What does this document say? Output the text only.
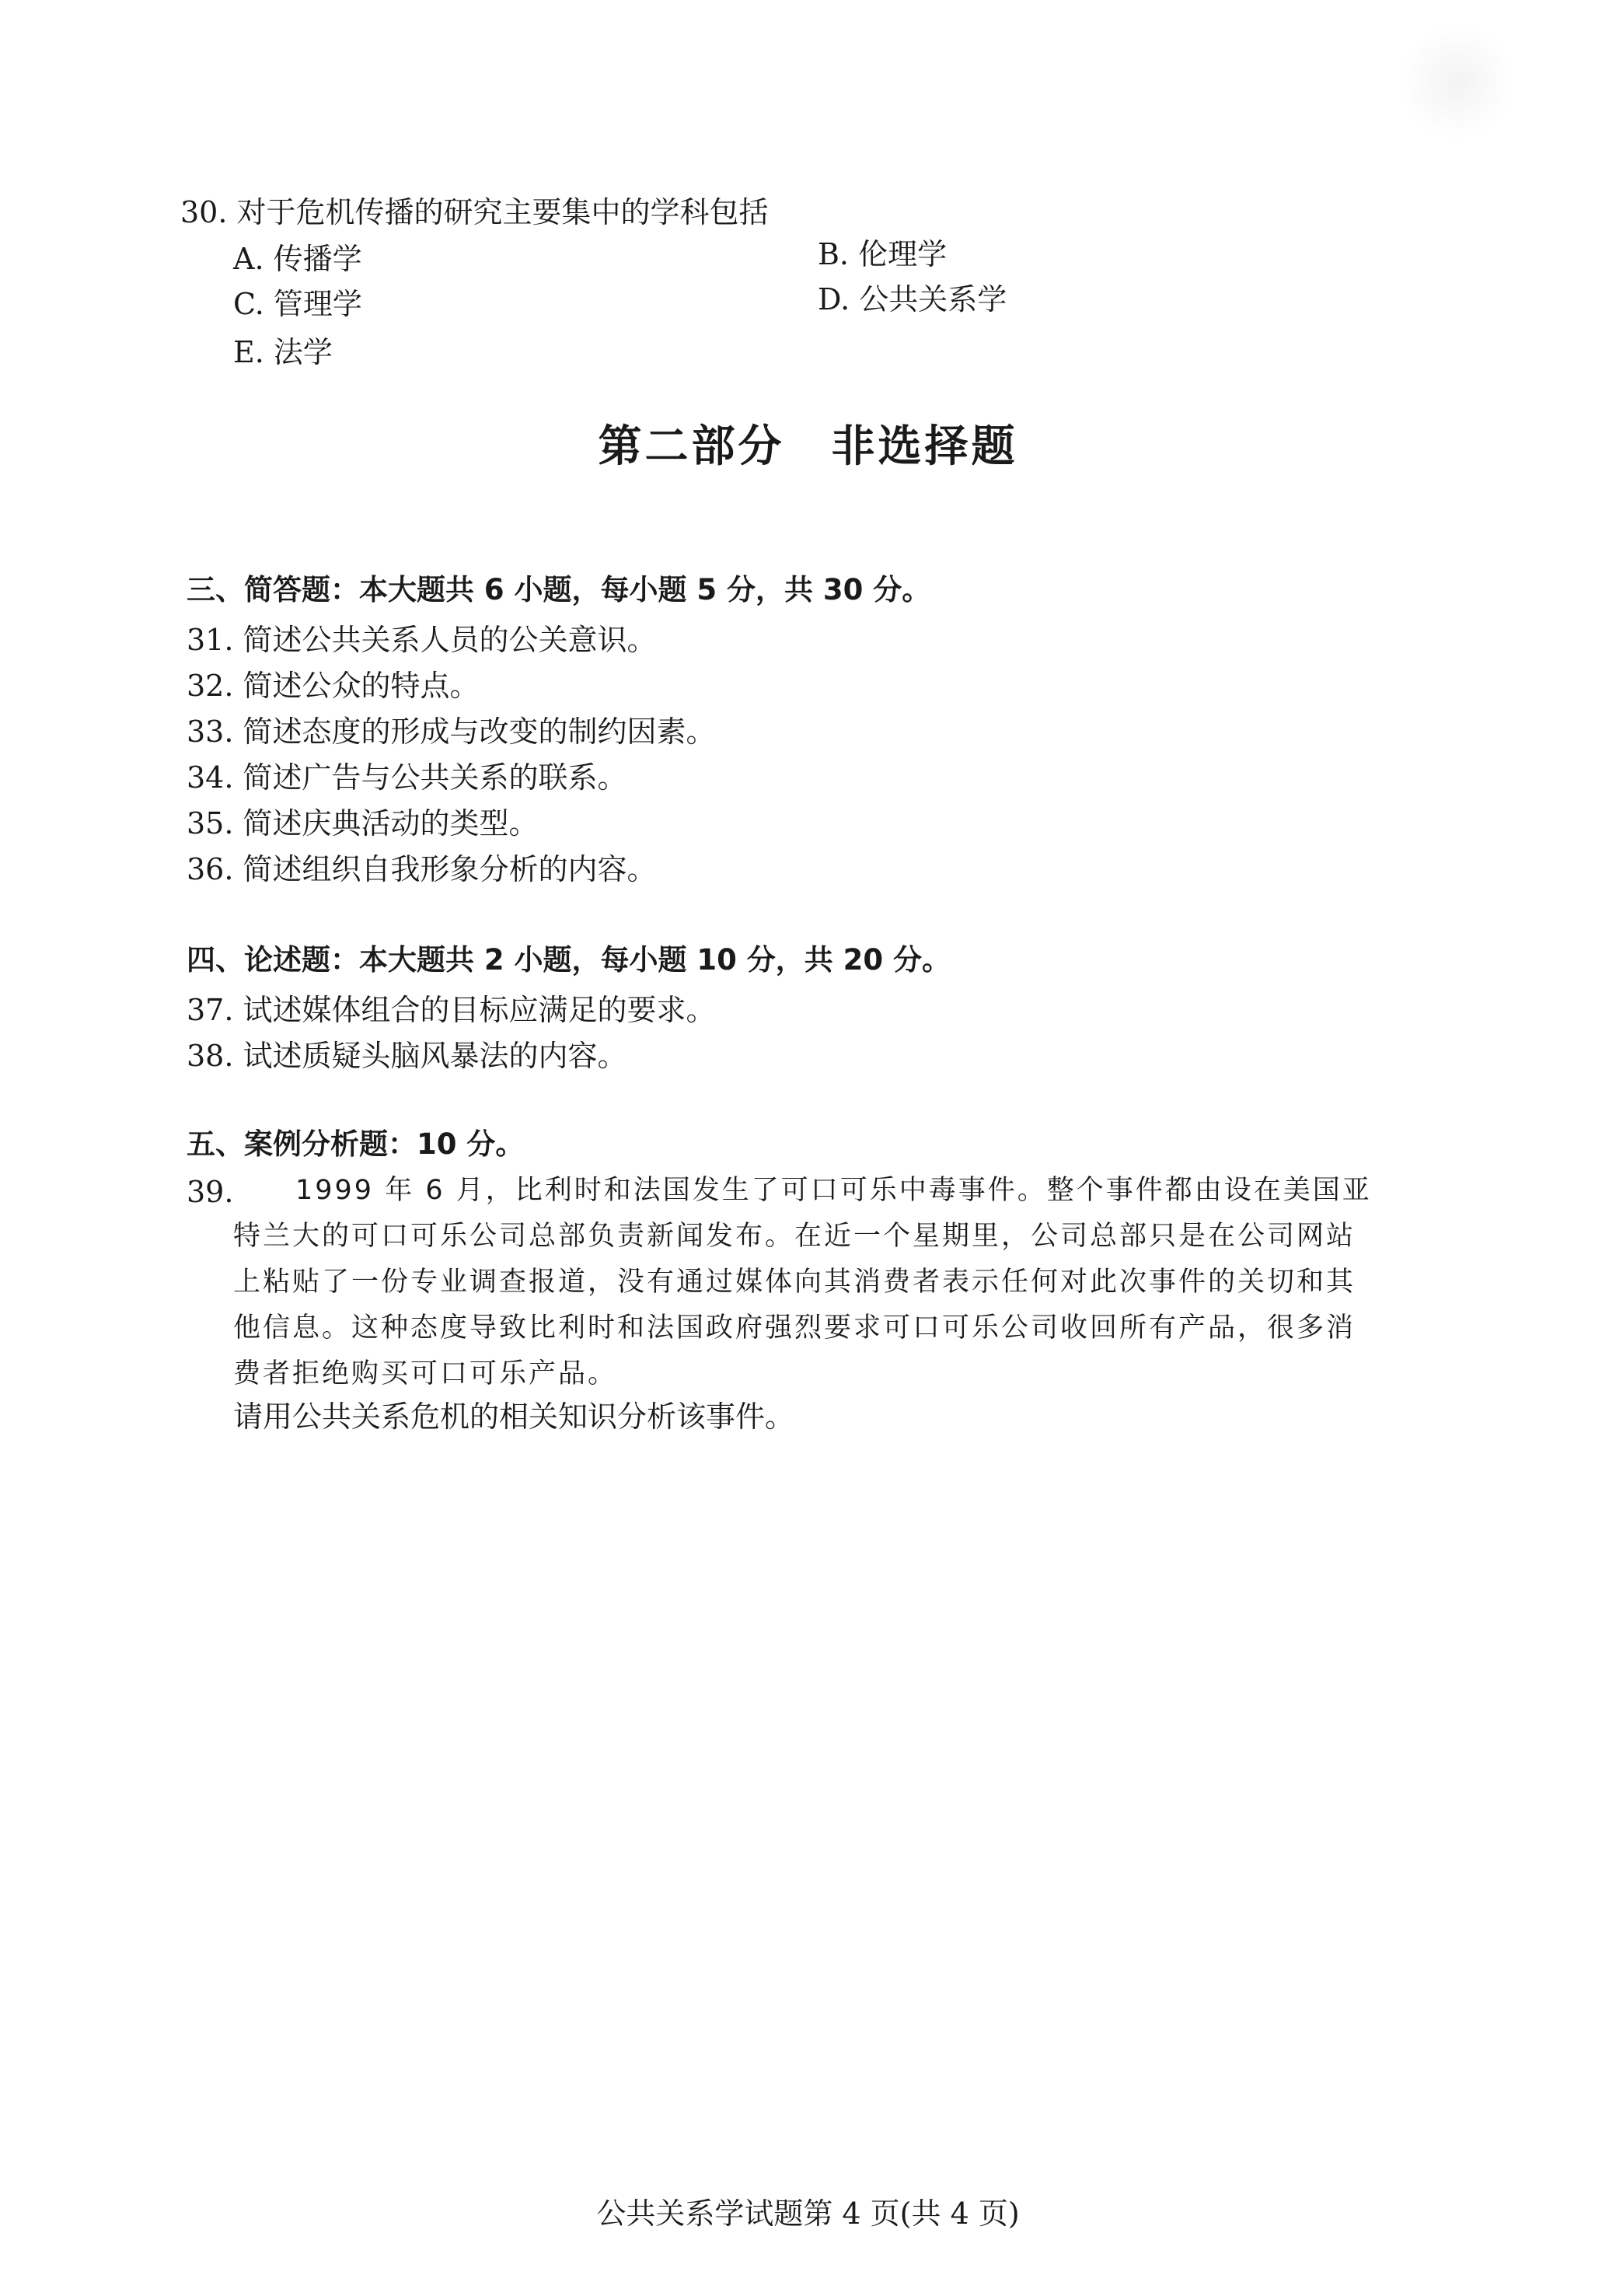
30. 对于危机传播的研究主要集中的学科包括
A. 传播学	B. 伦理学
C. 管理学	D. 公共关系学
E. 法学
第二部分　非选择题
三、简答题：本大题共 6 小题，每小题 5 分，共 30 分。
31. 简述公共关系人员的公关意识。
32. 简述公众的特点。
33. 简述态度的形成与改变的制约因素。
34. 简述广告与公共关系的联系。
35. 简述庆典活动的类型。
36. 简述组织自我形象分析的内容。
四、论述题：本大题共 2 小题，每小题 10 分，共 20 分。
37. 试述媒体组合的目标应满足的要求。
38. 试述质疑头脑风暴法的内容。
五、案例分析题：10 分。
39.	1999 年 6 月，比利时和法国发生了可口可乐中毒事件。整个事件都由设在美国亚特兰大的可口可乐公司总部负责新闻发布。在近一个星期里，公司总部只是在公司网站上粘贴了一份专业调查报道，没有通过媒体向其消费者表示任何对此次事件的关切和其他信息。这种态度导致比利时和法国政府强烈要求可口可乐公司收回所有产品，很多消费者拒绝购买可口可乐产品。
请用公共关系危机的相关知识分析该事件。
公共关系学试题第 4 页(共 4 页)
